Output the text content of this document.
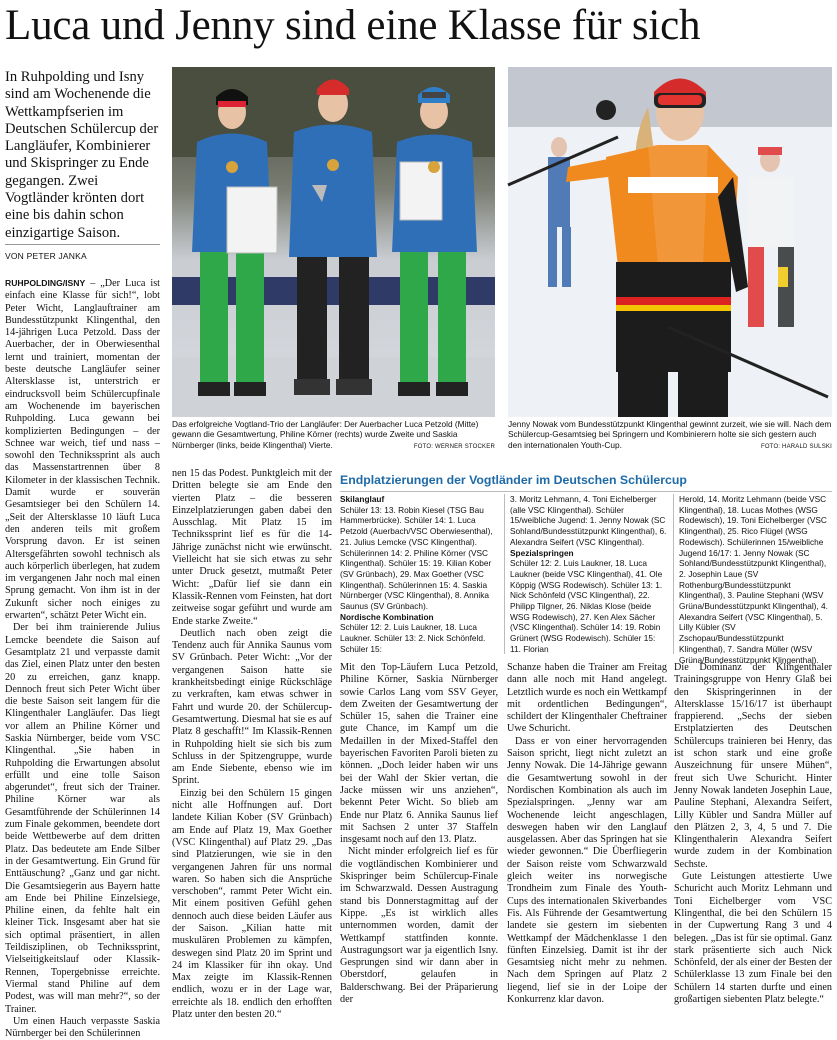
Luca und Jenny sind eine Klasse für sich
In Ruhpolding und Isny sind am Wochenende die Wettkampfserien im Deutschen Schülercup der Langläufer, Kombinierer und Skispringer zu Ende gegangen. Zwei Vogtländer krönten dort eine bis dahin schon einzigartige Saison.
VON PETER JANKA

RUHPOLDING/ISNY – „Der Luca ist einfach eine Klasse für sich!“, lobt Peter Wicht, Langlauftrainer am Bundesstützpunkt Klingenthal, den 14-jährigen Luca Petzold. Dass der Auerbacher, der in Oberwiesenthal lernt und trainiert, momentan der beste deutsche Langläufer seiner Altersklasse ist, unterstrich er eindrucksvoll beim Schülercupfinale am Wochenende im bayerischen Ruhpolding. Luca gewann bei komplizierten Bedingungen – der Schnee war weich, tief und nass – sowohl den Technikssprint als auch das Massenstartrennen über 8 Kilometer in der klassischen Technik. Damit wurde er souverän Gesamtsieger bei den Schülern 14. „Seit der Altersklasse 10 läuft Luca den anderen teils mit großem Vorsprung davon. Er ist seinen Altersgefährten sowohl technisch als auch körperlich überlegen, hat zudem im vergangenen Jahr noch mal einen Sprung gemacht. Von ihm ist in der Zukunft sicher noch einiges zu erwarten“, schätzt Peter Wicht ein.

Der bei ihm trainierende Julius Lemcke beendete die Saison auf Gesamtplatz 21 und verpasste damit das Ziel, einen Platz unter den besten 20 zu erreichen, ganz knapp. Dennoch freut sich Peter Wicht über die beste Saison seit langem für die Klingenthaler Langläufer. Das liegt vor allem an Philine Körner und Saskia Nürnberger, beide vom VSC Klingenthal. „Sie haben in Ruhpolding die Erwartungen absolut erfüllt und eine tolle Saison abgerundet“, freut sich der Trainer. Philine Körner war als Gesamtführende der Schülerinnen 14 zum Finale gekommen, beendete dort beide Wettbewerbe auf dem dritten Platz. Das bedeutete am Ende Silber in der Gesamtwertung. Ein Grund für Enttäuschung? „Ganz und gar nicht. Die Gesamtsiegerin aus Bayern hatte am Ende bei Philine Einzelsiege, Philine einen, da fehlte halt ein kleiner Tick. Insgesamt aber hat sie sich optimal präsentiert, in allen Teildisziplinen, ob Technikssprint, Vielseitigkeitslauf oder Klassik-Rennen, Topergebnisse erreichte. Viermal stand Philine auf dem Podest, was will man mehr?“, so der Trainer.

Um einen Hauch verpasste Saskia Nürnberger bei den Schülerinnen

nen 15 das Podest. Punktgleich mit der Dritten belegte sie am Ende den vierten Platz – die besseren Einzelplatzierungen gaben dabei den Ausschlag. Mit Platz 15 im Technikssprint lief es für die 14-Jährige zunächst nicht wie erwünscht. Vielleicht hat sie sich etwas zu sehr unter Druck gesetzt, mutmaßt Peter Wicht: „Dafür lief sie dann ein Klassik-Rennen vom Feinsten, hat dort zeitweise sogar geführt und wurde am Ende starke Zweite.“

Deutlich nach oben zeigt die Tendenz auch für Annika Saunus vom SV Grünbach. Peter Wicht: „Vor der vergangenen Saison hatte sie krankheitsbedingt einige Rückschläge zu verkraften, kam etwas schwer in Fahrt und wurde 20. der Schülercup-Gesamtwertung. Diesmal hat sie es auf Platz 8 geschafft!“ Im Klassik-Rennen in Ruhpolding hielt sie sich bis zum Schluss in der Spitzengruppe, wurde am Ende Siebente, ebenso wie im Sprint.

Einzig bei den Schülern 15 gingen nicht alle Hoffnungen auf. Dort landete Kilian Kober (SV Grünbach) am Ende auf Platz 19, Max Goether (VSC Klingenthal) auf Platz 29. „Das sind Platzierungen, wie sie in den vergangenen Jahren für uns normal waren. So haben sich die Ansprüche verschoben“, rammt Peter Wicht ein. Mit einem positiven Gefühl gehen dennoch auch diese beiden Läufer aus der Saison. „Kilian hatte mit muskulären Problemen zu kämpfen, deswegen sind Platz 20 im Sprint und 24 im Klassiker für ihn okay. Und Max zeigte im Klassik-Rennen endlich, wozu er in der Lage war, erreichte als 18. endlich den erhofften Platz unter den besten 20.“

Das erfolgreiche Vogtland-Trio der Langläufer: Der Auerbacher Luca Petzold (Mitte) gewann die Gesamtwertung, Philine Körner (rechts) wurde Zweite und Saskia Nürnberger (links, beide Klingenthal) Vierte.	FOTO: WERNER STOCKER
Jenny Nowak vom Bundesstützpunkt Klingenthal gewinnt zurzeit, wie sie will. Nach dem Schülercup-Gesamtsieg bei Springern und Kombinierern holte sie sich gestern auch den internationalen Youth-Cup.	FOTO: HARALD SULSKI
Endplatzierungen der Vogtländer im Deutschen Schülercup
Skilanglauf
Schüler 13: 13. Robin Kiesel (TSG Bau Hammerbrücke). Schüler 14: 1. Luca Petzold (Auerbach/VSC Oberwiesenthal), 21. Julius Lemcke (VSC Klingenthal). Schülerinnen 14: 2. Philine Körner (VSC Klingenthal). Schüler 15: 19. Kilian Kober (SV Grünbach), 29. Max Goether (VSC Klingenthal). Schülerinnen 15: 4. Saskia Nürnberger (VSC Klingenthal), 8. Annika Saunus (SV Grünbach).
Nordische Kombination
Schüler 12: 2. Luis Laukner, 18. Luca Laukner. Schüler 13: 2. Nick Schönfeld. Schüler 15:
3. Moritz Lehmann, 4. Toni Eichelberger (alle VSC Klingenthal). Schüler 15/weibliche Jugend: 1. Jenny Nowak (SC Sohland/Bundesstützpunkt Klingenthal), 6. Alexandra Seifert (VSC Klingenthal).
Spezialspringen
Schüler 12: 2. Luis Laukner, 18. Luca Laukner (beide VSC Klingenthal), 41. Ole Köppig (WSG Rodewisch). Schüler 13: 1. Nick Schönfeld (VSC Klingenthal), 22. Philipp Tilgner, 26. Niklas Klose (beide WSG Rodewisch), 27. Ken Alex Sächer (VSC Klingenthal). Schüler 14: 19. Robin Grünert (WSG Rodewisch). Schüler 15: 11. Florian
Herold, 14. Moritz Lehmann (beide VSC Klingenthal), 18. Lucas Mothes (WSG Rodewisch), 19. Toni Eichelberger (VSC Klingenthal), 25. Rico Flügel (WSG Rodewisch). Schülerinnen 15/weibliche Jugend 16/17: 1. Jenny Nowak (SC Sohland/Bundesstützpunkt Klingenthal), 2. Josephin Laue (SV Rothenburg/Bundesstützpunkt Klingenthal), 3. Pauline Stephani (WSV Grüna/Bundesstützpunkt Klingenthal), 4. Alexandra Seifert (VSC Klingenthal), 5. Lilly Kübler (SV Zschopau/Bundesstützpunkt Klingenthal), 7. Sandra Müller (WSV Grüna/Bundesstützpunkt Klingenthal).

Mit den Top-Läufern Luca Petzold, Philine Körner, Saskia Nürnberger sowie Carlos Lang vom SSV Geyer, dem Zweiten der Gesamtwertung der Schüler 15, sahen die Trainer eine gute Chance, im Kampf um die Medaillen in der Mixed-Staffel den bayerischen Favoriten Paroli bieten zu können. „Doch leider haben wir uns bei der Wahl der Skier vertan, die Jacke müssen wir uns anziehen“, bekennt Peter Wicht. So blieb am Ende nur Platz 6. Annika Saunus lief mit Sachsen 2 unter 37 Staffeln insgesamt noch auf den 13. Platz.

Nicht minder erfolgreich lief es für die vogtländischen Kombinierer und Skispringer beim Schülercup-Finale im Schwarzwald. Dessen Austragung stand bis Donnerstagmittag auf der Kippe. „Es ist wirklich alles unternommen worden, damit der Wettkampf stattfinden konnte. Austragungsort war ja eigentlich Isny. Gesprungen sind wir dann aber in Oberstdorf, gelaufen in Balderschwang. Bei der Präparierung der

Schanze haben die Trainer am Freitag dann alle noch mit Hand angelegt. Letztlich wurde es noch ein Wettkampf mit ordentlichen Bedingungen“, schildert der Klingenthaler Cheftrainer Uwe Schuricht.

Dass er von einer hervorragenden Saison spricht, liegt nicht zuletzt an Jenny Nowak. Die 14-Jährige gewann die Gesamtwertung sowohl in der Nordischen Kombination als auch im Spezialspringen. „Jenny war am Wochenende leicht angeschlagen, deswegen haben wir den Langlauf ausgelassen. Aber das Springen hat sie wieder gewonnen.“ Die Überfliegerin der Saison reiste vom Schwarzwald gleich weiter ins norwegische Trondheim zum Finale des Youth-Cups des internationalen Skiverbandes Fis. Als Führende der Gesamtwertung landete sie gestern im siebenten Wettkampf der Mädchenklasse 1 den fünften Einzelsieg. Damit ist ihr der Gesamtsieg nicht mehr zu nehmen. Nach dem Springen auf Platz 2 liegend, lief sie in der Loipe der Konkurrenz klar davon.

Die Dominanz der Klingenthaler Trainingsgruppe von Henry Glaß bei den Skispringerinnen in der Altersklasse 15/16/17 ist überhaupt frappierend. „Sechs der sieben Erstplatzierten des Deutschen Schülercups trainieren bei Henry, das ist schon stark und eine große Auszeichnung für unsere Mühen“, freut sich Uwe Schuricht. Hinter Jenny Nowak landeten Josephin Laue, Pauline Stephani, Alexandra Seifert, Lilly Kübler und Sandra Müller auf den Plätzen 2, 3, 4, 5 und 7. Die Klingenthalerin Alexandra Seifert wurde zudem in der Kombination Sechste.

Gute Leistungen attestierte Uwe Schuricht auch Moritz Lehmann und Toni Eichelberger vom VSC Klingenthal, die bei den Schülern 15 in der Cupwertung Rang 3 und 4 belegen. „Das ist für sie optimal. Ganz stark präsentierte sich auch Nick Schönfeld, der als einer der Besten der Schülerklasse 13 zum Finale bei den Schülern 14 starten durfte und einen großartigen siebenten Platz belegte.“
